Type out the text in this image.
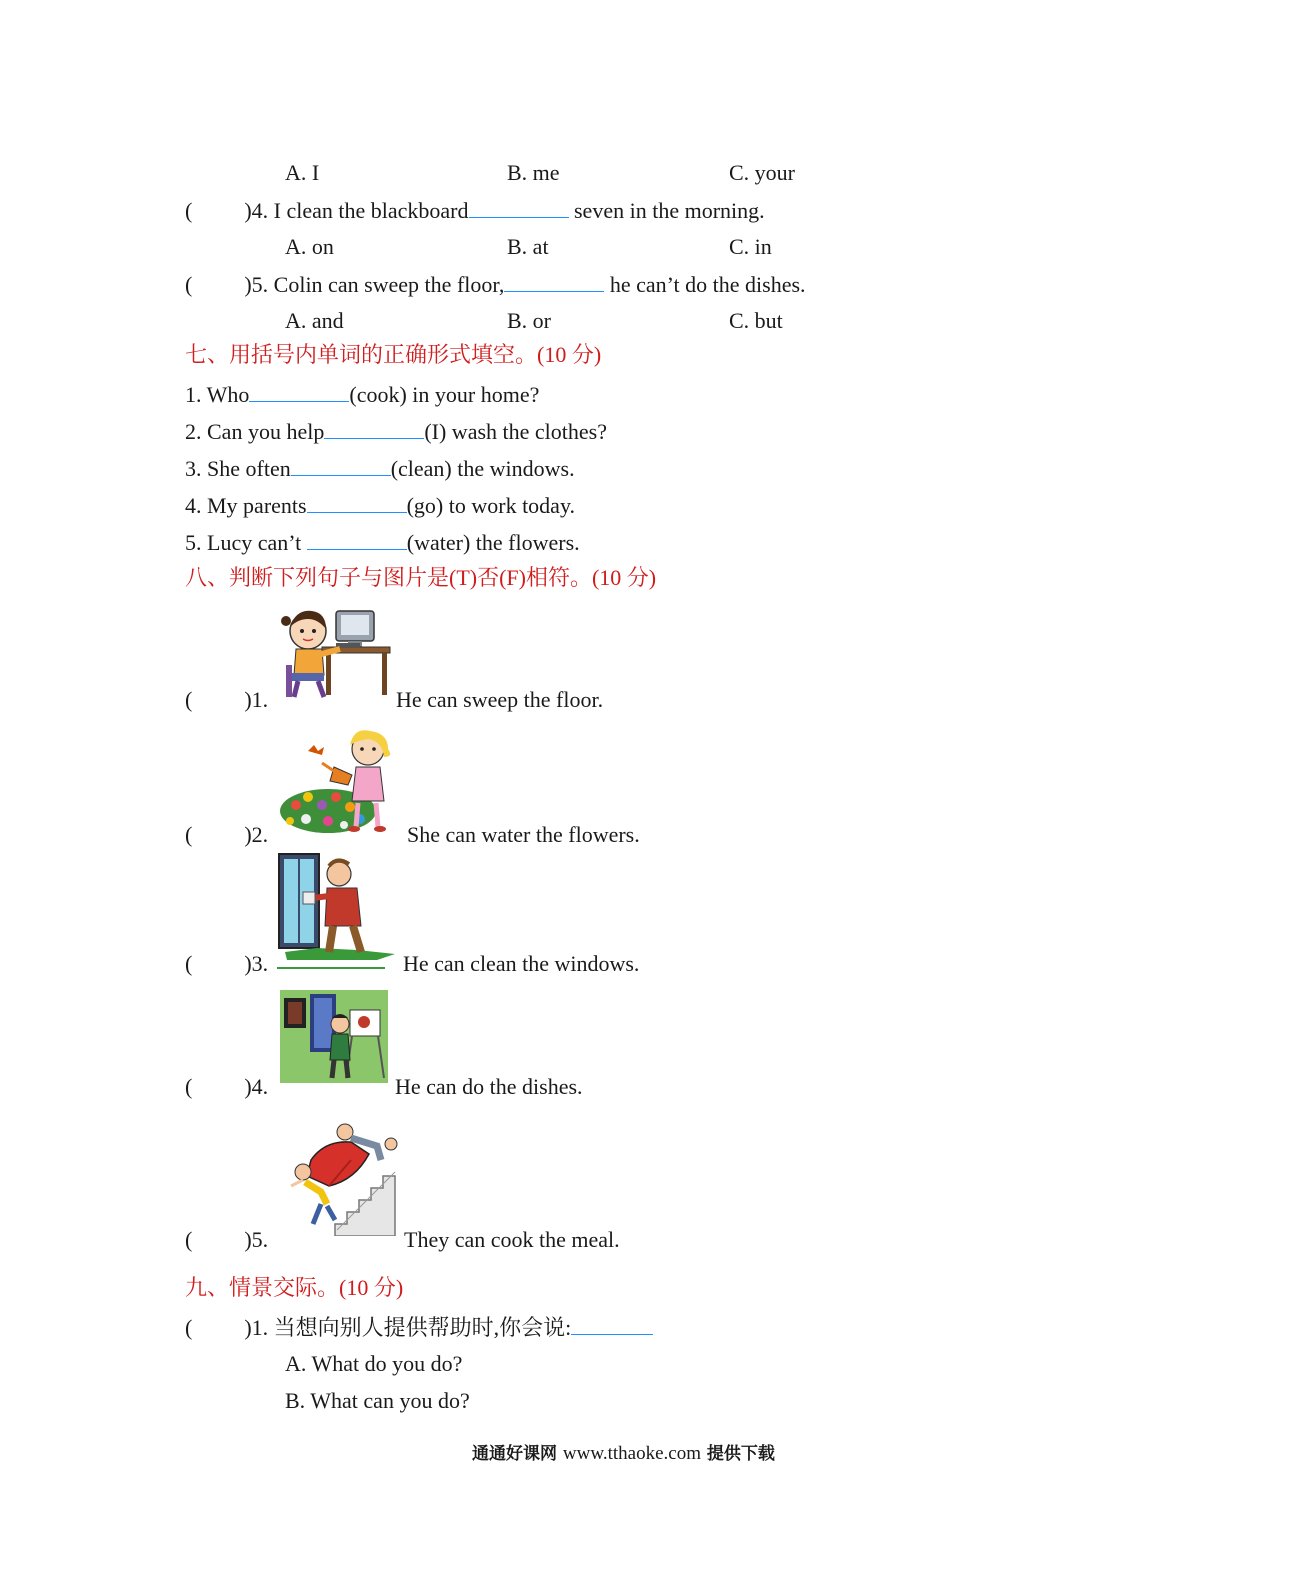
A. I	B. me	C. your
( )4. I clean the blackboard	seven in the morning.
A. on	B. at	C. in
( )5. Colin can sweep the floor,	he can’t do the dishes.
A. and	B. or	C. but
七、用括号内单词的正确形式填空。(10 分)
1. Who	(cook) in your home?
2. Can you help	(I) wash the clothes?
3. She often	(clean) the windows.
4. My parents	(go) to work today.
5. Lucy can’t	(water) the flowers.
八、判断下列句子与图片是(T)否(F)相符。(10 分)
( )1.	He can sweep the floor.
( )2.	She can water the flowers.
( )3.	He can clean the windows.
( )4.	He can do the dishes.
( )5.	They can cook the meal.
九、情景交际。(10 分)
( )1. 当想向别人提供帮助时,你会说:
A. What do you do?
B. What can you do?
通通好课网 www.tthaoke.com 提供下载
